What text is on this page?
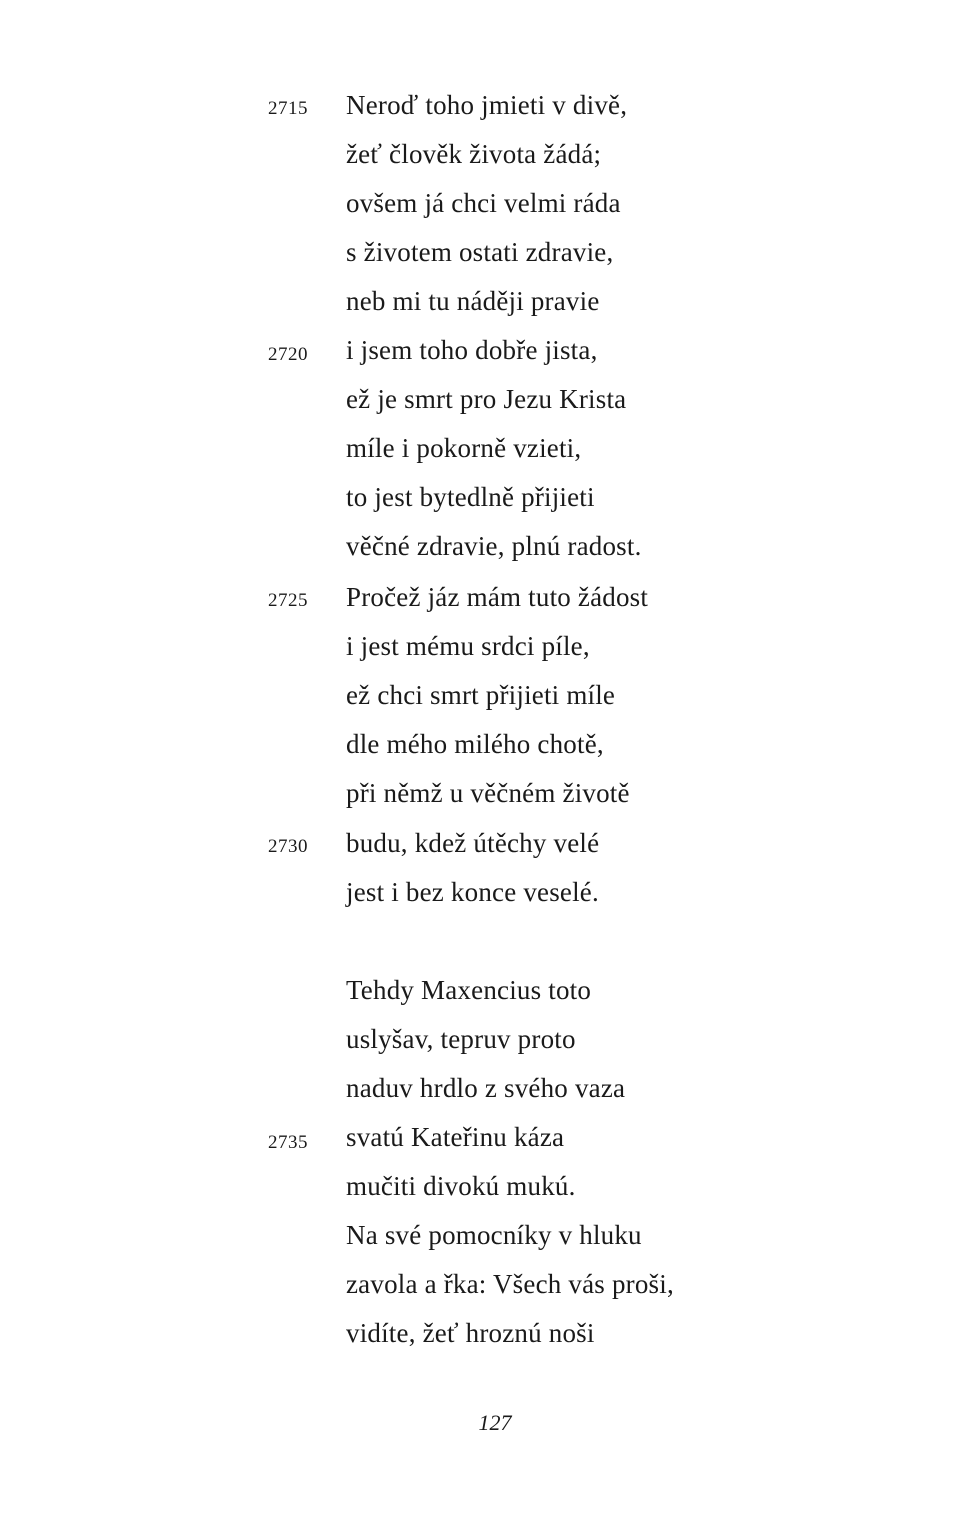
2715
2720
2725
2730
2735
Neroď toho jmieti v divě,
žeť člověk života žádá;
ovšem já chci velmi ráda
s životem ostati zdravie,
neb mi tu náději pravie
i jsem toho dobře jista,
ež je smrt pro Jezu Krista
míle i pokorně vzieti,
to jest bytedlně přijieti
věčné zdravie, plnú radost.
Pročež jáz mám tuto žádost
i jest mému srdci píle,
ež chci smrt přijieti míle
dle mého milého chotě,
při němž u věčném životě
budu, kdež útěchy velé
jest i bez konce veselé.
Tehdy Maxencius toto
uslyšav, tepruv proto
naduv hrdlo z svého vaza
svatú Kateřinu káza
mučiti divokú mukú.
Na své pomocníky v hluku
zavola a řka: Všech vás proši,
vidíte, žeť hroznú noši
127
